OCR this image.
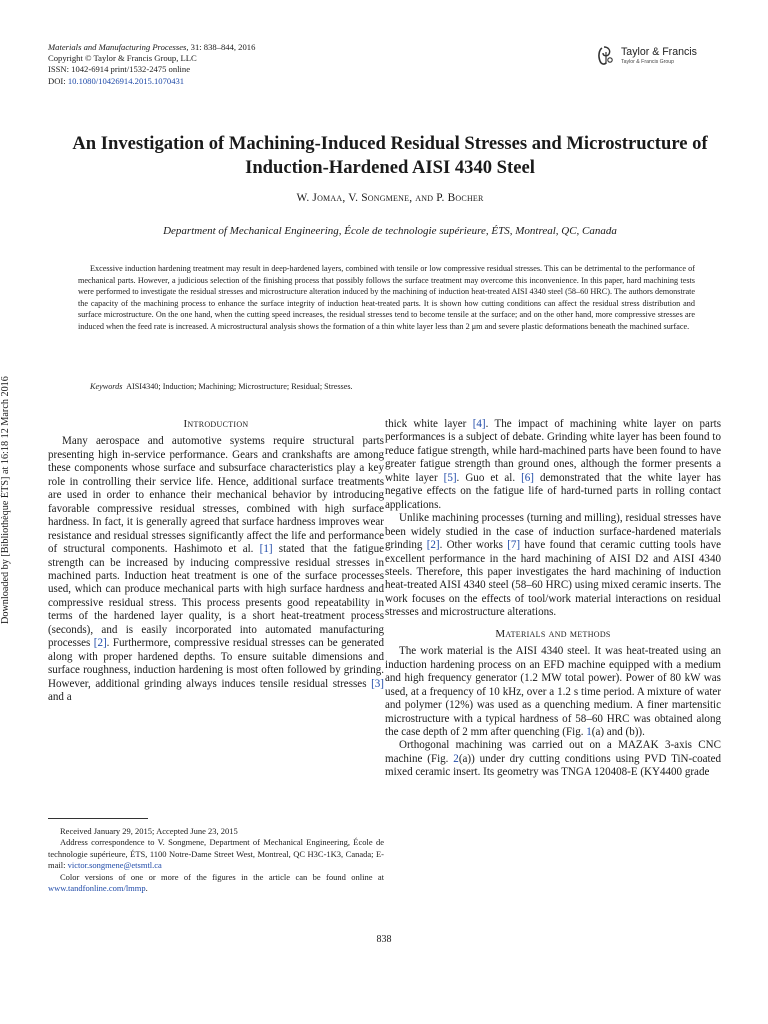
Materials and Manufacturing Processes, 31: 838–844, 2016
Copyright © Taylor & Francis Group, LLC
ISSN: 1042-6914 print/1532-2475 online
DOI: 10.1080/10426914.2015.1070431
Taylor & Francis
Taylor & Francis Group
An Investigation of Machining-Induced Residual Stresses and Microstructure of Induction-Hardened AISI 4340 Steel
W. Jomaa, V. Songmene, and P. Bocher
Department of Mechanical Engineering, École de technologie supérieure, ÉTS, Montreal, QC, Canada
Excessive induction hardening treatment may result in deep-hardened layers, combined with tensile or low compressive residual stresses. This can be detrimental to the performance of mechanical parts. However, a judicious selection of the finishing process that possibly follows the surface treatment may overcome this inconvenience. In this paper, hard machining tests were performed to investigate the residual stresses and microstructure alteration induced by the machining of induction heat-treated AISI 4340 steel (58–60 HRC). The authors demonstrate the capacity of the machining process to enhance the surface integrity of induction heat-treated parts. It is shown how cutting conditions can affect the residual stress distribution and surface microstructure. On the one hand, when the cutting speed increases, the residual stresses tend to become tensile at the surface; and on the other hand, more compressive stresses are induced when the feed rate is increased. A microstructural analysis shows the formation of a thin white layer less than 2 μm and severe plastic deformations beneath the machined surface.
Keywords AISI4340; Induction; Machining; Microstructure; Residual; Stresses.
Downloaded by [Bibliothèque ÉTS] at 16:18 12 March 2016	Introduction

Many aerospace and automotive systems require structural parts presenting high in-service performance. Gears and crankshafts are among these components whose surface and subsurface characteristics play a key role in controlling their service life. Hence, additional surface treatments are used in order to enhance their mechanical behavior by introducing favorable compressive residual stresses, combined with high surface hardness. In fact, it is generally agreed that surface hardness improves wear resistance and residual stresses significantly affect the life and performance of structural components. Hashimoto et al. [1] stated that the fatigue strength can be increased by inducing compressive residual stresses in machined parts. Induction heat treatment is one of the surface processes used, which can produce mechanical parts with high surface hardness and compressive residual stress. This process presents good repeatability in terms of the hardened layer quality, is a short heat-treatment process (seconds), and is easily incorporated into automated manufacturing processes [2]. Furthermore, compressive residual stresses can be generated along with proper hardened depths. To ensure suitable dimensions and surface roughness, induction hardening is most often followed by grinding. However, additional grinding always induces tensile residual stresses [3] and a

Received January 29, 2015; Accepted June 23, 2015

Address correspondence to V. Songmene, Department of Mechanical Engineering, École de technologie supérieure, ÉTS, 1100 Notre-Dame Street West, Montreal, QC H3C-1K3, Canada; E-mail: victor.songmene@etsmtl.ca

Color versions of one or more of the figures in the article can be found online at www.tandfonline.com/lmmp.

thick white layer [4]. The impact of machining white layer on parts performances is a subject of debate. Grinding white layer has been found to reduce fatigue strength, while hard-machined parts have been found to have greater fatigue strength than ground ones, although the former presents a white layer [5]. Guo et al. [6] demonstrated that the white layer has negative effects on the fatigue life of hard-turned parts in rolling contact applications.

Unlike machining processes (turning and milling), residual stresses have been widely studied in the case of induction surface-hardened materials grinding [2]. Other works [7] have found that ceramic cutting tools have excellent performance in the hard machining of AISI D2 and AISI 4340 steels. Therefore, this paper investigates the hard machining of induction heat-treated AISI 4340 steel (58–60 HRC) using mixed ceramic inserts. The work focuses on the effects of tool/work material interactions on residual stresses and microstructure alterations.

Materials and methods

The work material is the AISI 4340 steel. It was heat-treated using an induction hardening process on an EFD machine equipped with a medium and high frequency generator (1.2 MW total power). Power of 80 kW was used, at a frequency of 10 kHz, over a 1.2 s time period. A mixture of water and polymer (12%) was used as a quenching medium. A finer martensitic microstructure with a typical hardness of 58–60 HRC was obtained along the case depth of 2 mm after quenching (Fig. 1(a) and (b)).

Orthogonal machining was carried out on a MAZAK 3-axis CNC machine (Fig. 2(a)) under dry cutting conditions using PVD TiN-coated mixed ceramic insert. Its geometry was TNGA 120408-E (KY4400 grade

838
